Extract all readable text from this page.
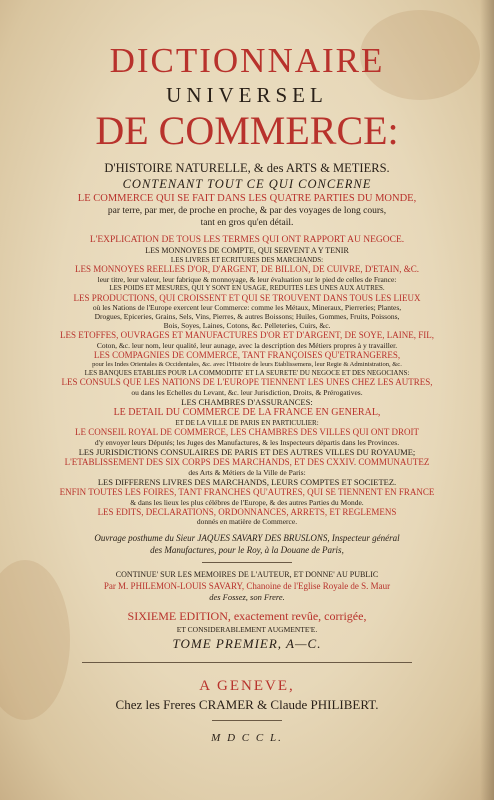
DICTIONNAIRE
UNIVERSEL
DE COMMERCE:
D'HISTOIRE NATURELLE, & des ARTS & METIERS.
CONTENANT TOUT CE QUI CONCERNE
LE COMMERCE QUI SE FAIT DANS LES QUATRE PARTIES DU MONDE,
par terre, par mer, de proche en proche, & par des voyages de long cours,
tant en gros qu'en détail.
L'EXPLICATION DE TOUS LES TERMES QUI ONT RAPPORT AU NEGOCE.
LES MONNOYES DE COMPTE, QUI SERVENT A Y TENIR
LES LIVRES ET ECRITURES DES MARCHANDS:
LES MONNOYES REELLES D'OR, D'ARGENT, DE BILLON, DE CUIVRE, D'ETAIN, &C.
leur titre, leur valeur, leur fabrique & monnoyage, & leur évaluation sur le pied de celles de France:
LES POIDS ET MESURES, QUI Y SONT EN USAGE, REDUITES LES UNES AUX AUTRES.
LES PRODUCTIONS, QUI CROISSENT ET QUI SE TROUVENT DANS TOUS LES LIEUX
où les Nations de l'Europe exercent leur Commerce: comme les Métaux, Mineraux, Pierreries; Plantes,
Drogues, Epiceries, Grains, Sels, Vins, Pierres, & autres Boissons; Huiles, Gommes, Fruits, Poissons,
Bois, Soyes, Laines, Cotons, &c. Pelleteries, Cuirs, &c.
LES ETOFFES, OUVRAGES ET MANUFACTURES D'OR ET D'ARGENT, DE SOYE, LAINE, FIL,
Coton, &c. leur nom, leur qualité, leur aunage, avec la description des Métiers propres à y travailler.
LES COMPAGNIES DE COMMERCE, TANT FRANÇOISES QU'ETRANGERES,
pour les Indes Orientales & Occidentales, &c. avec l'Histoire de leurs Etablissemens, leur Regie & Administration, &c.
LES BANQUES ETABLIES POUR LA COMMODITE' ET LA SEURETE' DU NEGOCE ET DES NEGOCIANS:
LES CONSULS QUE LES NATIONS DE L'EUROPE TIENNENT LES UNES CHEZ LES AUTRES,
ou dans les Echelles du Levant, &c. leur Jurisdiction, Droits, & Prérogatives.
LES CHAMBRES D'ASSURANCES:
LE DETAIL DU COMMERCE DE LA FRANCE EN GENERAL,
ET DE LA VILLE DE PARIS EN PARTICULIER:
LE CONSEIL ROYAL DE COMMERCE, LES CHAMBRES DES VILLES QUI ONT DROIT
d'y envoyer leurs Députés; les Juges des Manufactures, & les Inspecteurs départis dans les Provinces.
LES JURISDICTIONS CONSULAIRES DE PARIS ET DES AUTRES VILLES DU ROYAUME;
L'ETABLISSEMENT DES SIX CORPS DES MARCHANDS, ET DES CXXIV. COMMUNAUTEZ
des Arts & Métiers de la Ville de Paris:
LES DIFFERENS LIVRES DES MARCHANDS, LEURS COMPTES ET SOCIETEZ.
ENFIN TOUTES LES FOIRES, TANT FRANCHES QU'AUTRES, QUI SE TIENNENT EN FRANCE
& dans les lieux les plus célébres de l'Europe, & des autres Parties du Monde.
LES EDITS, DECLARATIONS, ORDONNANCES, ARRETS, ET REGLEMENS
donnés en matière de Commerce.
Ouvrage posthume du Sieur JAQUES SAVARY DES BRUSLONS, Inspecteur général
des Manufactures, pour le Roy, à la Douane de Paris,
CONTINUE' SUR LES MEMOIRES DE L'AUTEUR, ET DONNE' AU PUBLIC
Par M. PHILEMON-LOUIS SAVARY, Chanoine de l'Eglise Royale de S. Maur
des Fossez, son Frere.
SIXIEME EDITION, exactement revûe, corrigée,
ET CONSIDERABLEMENT AUGMENTE'E.
TOME PREMIER, A—C.
A GENEVE,
Chez les Freres CRAMER & Claude PHILIBERT.
M D C C L.
